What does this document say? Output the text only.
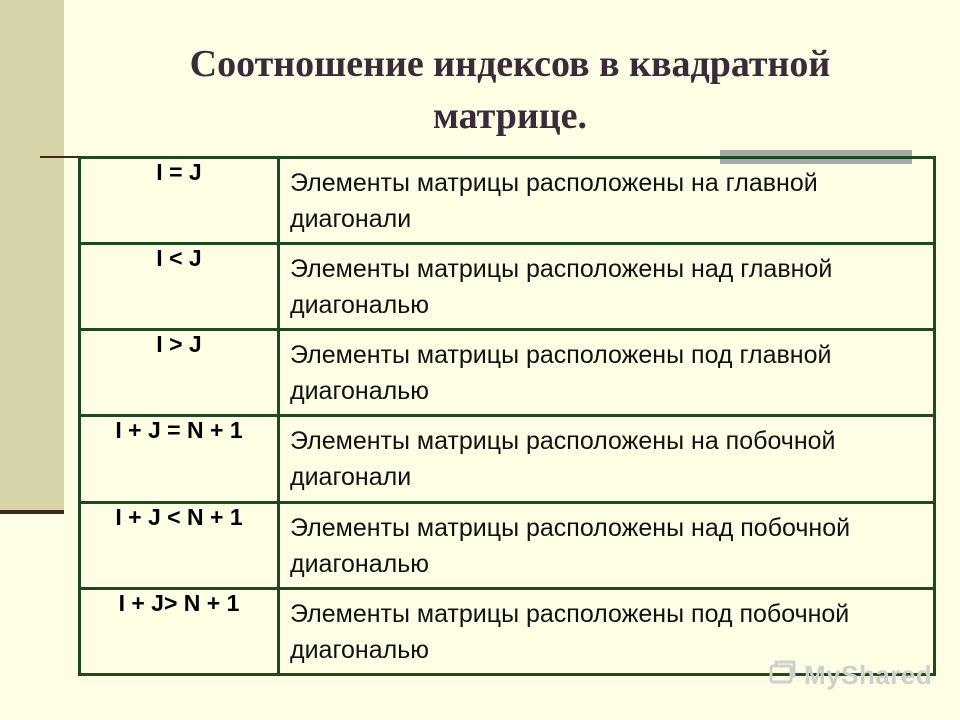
Соотношение индексов в квадратной
матрице.
I = J	Элементы матрицы расположены на главной диагонали
I < J	Элементы матрицы расположены над главной диагональю
I > J	Элементы матрицы расположены под главной диагональю
I + J = N + 1	Элементы матрицы расположены на побочной диагонали
I + J < N + 1	Элементы матрицы расположены над побочной диагональю
I + J> N + 1	Элементы матрицы расположены под побочной диагональю
MyShared
